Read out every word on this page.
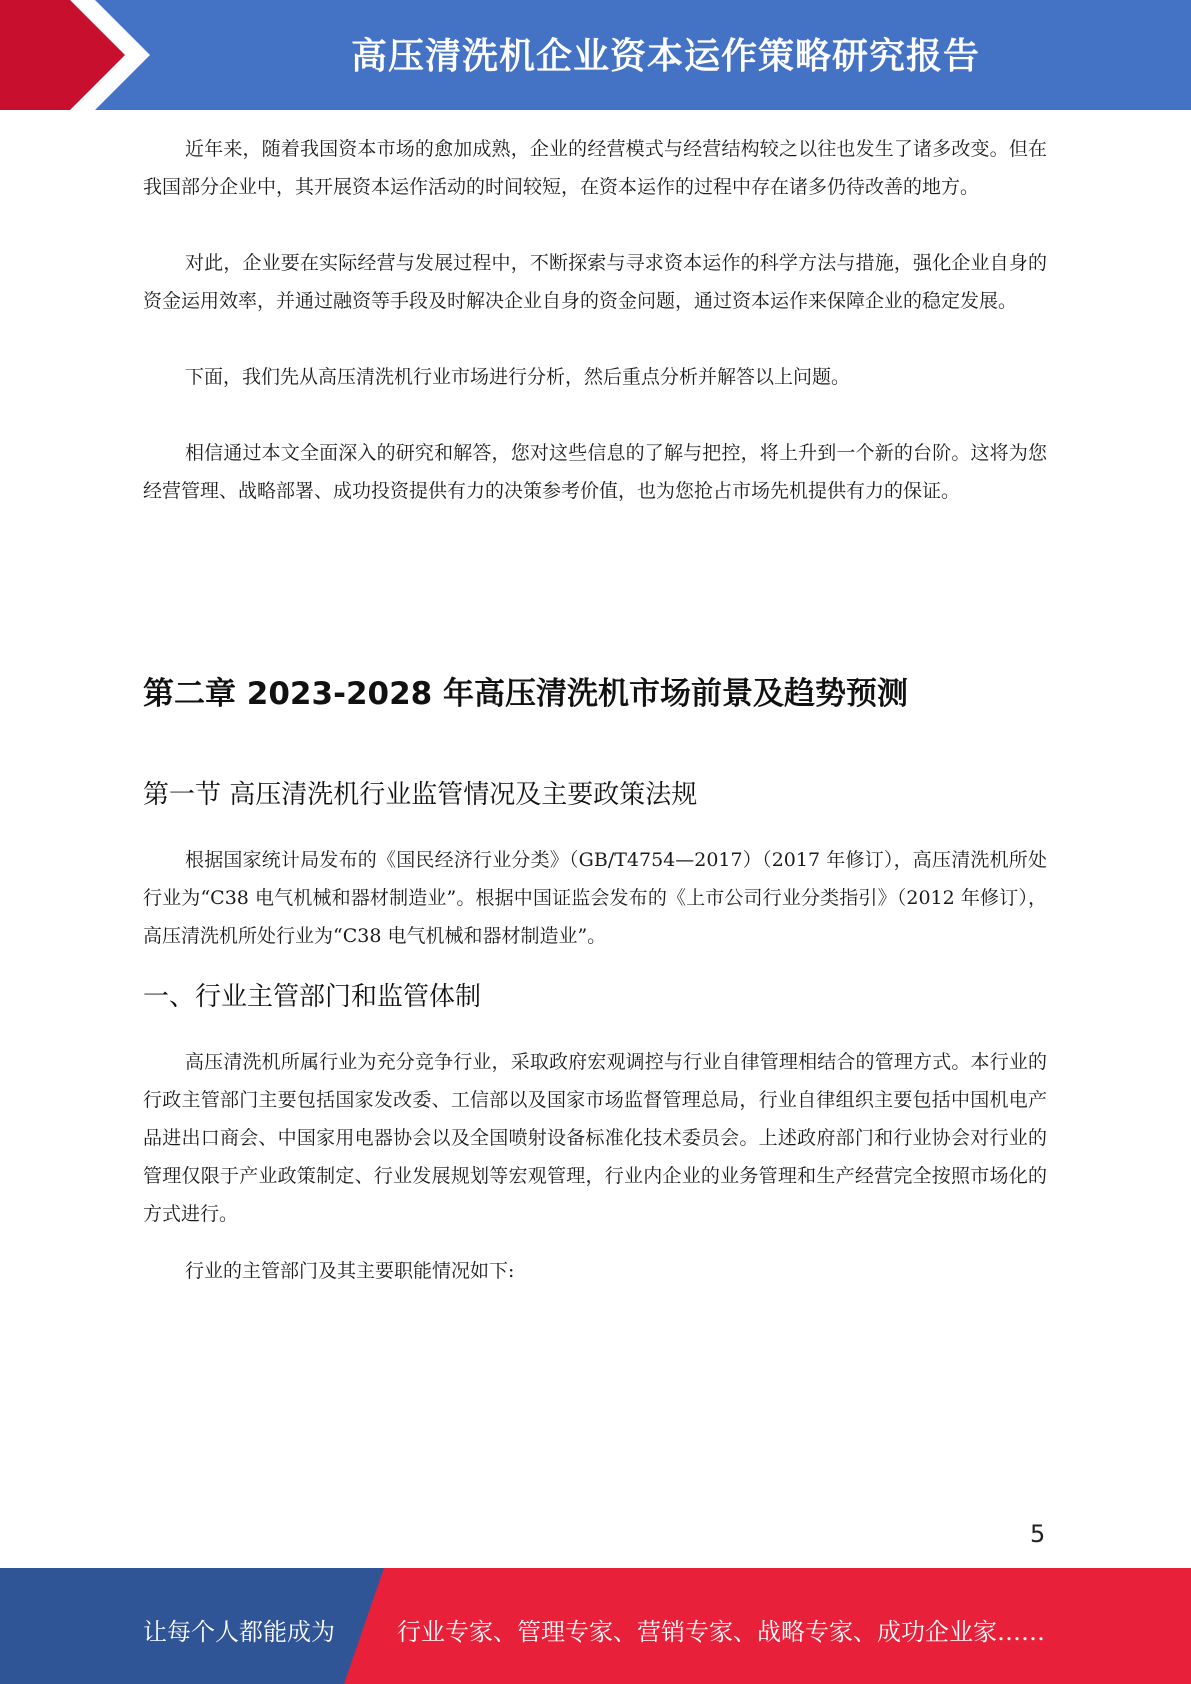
高压清洗机企业资本运作策略研究报告

近年来，随着我国资本市场的愈加成熟，企业的经营模式与经营结构较之以往也发生了诸多改变。但在我国部分企业中，其开展资本运作活动的时间较短，在资本运作的过程中存在诸多仍待改善的地方。

对此，企业要在实际经营与发展过程中，不断探索与寻求资本运作的科学方法与措施，强化企业自身的资金运用效率，并通过融资等手段及时解决企业自身的资金问题，通过资本运作来保障企业的稳定发展。

下面，我们先从高压清洗机行业市场进行分析，然后重点分析并解答以上问题。

相信通过本文全面深入的研究和解答，您对这些信息的了解与把控，将上升到一个新的台阶。这将为您经营管理、战略部署、成功投资提供有力的决策参考价值，也为您抢占市场先机提供有力的保证。

第二章 2023-2028 年高压清洗机市场前景及趋势预测
第一节 高压清洗机行业监管情况及主要政策法规

根据国家统计局发布的《国民经济行业分类》（GB/T4754—2017）（2017 年修订），高压清洗机所处行业为“C38 电气机械和器材制造业”。根据中国证监会发布的《上市公司行业分类指引》（2012 年修订），高压清洗机所处行业为“C38 电气机械和器材制造业”。

一、行业主管部门和监管体制

高压清洗机所属行业为充分竞争行业，采取政府宏观调控与行业自律管理相结合的管理方式。本行业的行政主管部门主要包括国家发改委、工信部以及国家市场监督管理总局，行业自律组织主要包括中国机电产品进出口商会、中国家用电器协会以及全国喷射设备标准化技术委员会。上述政府部门和行业协会对行业的管理仅限于产业政策制定、行业发展规划等宏观管理，行业内企业的业务管理和生产经营完全按照市场化的方式进行。

行业的主管部门及其主要职能情况如下:

5
让每个人都能成为	行业专家、管理专家、营销专家、战略专家、成功企业家……
